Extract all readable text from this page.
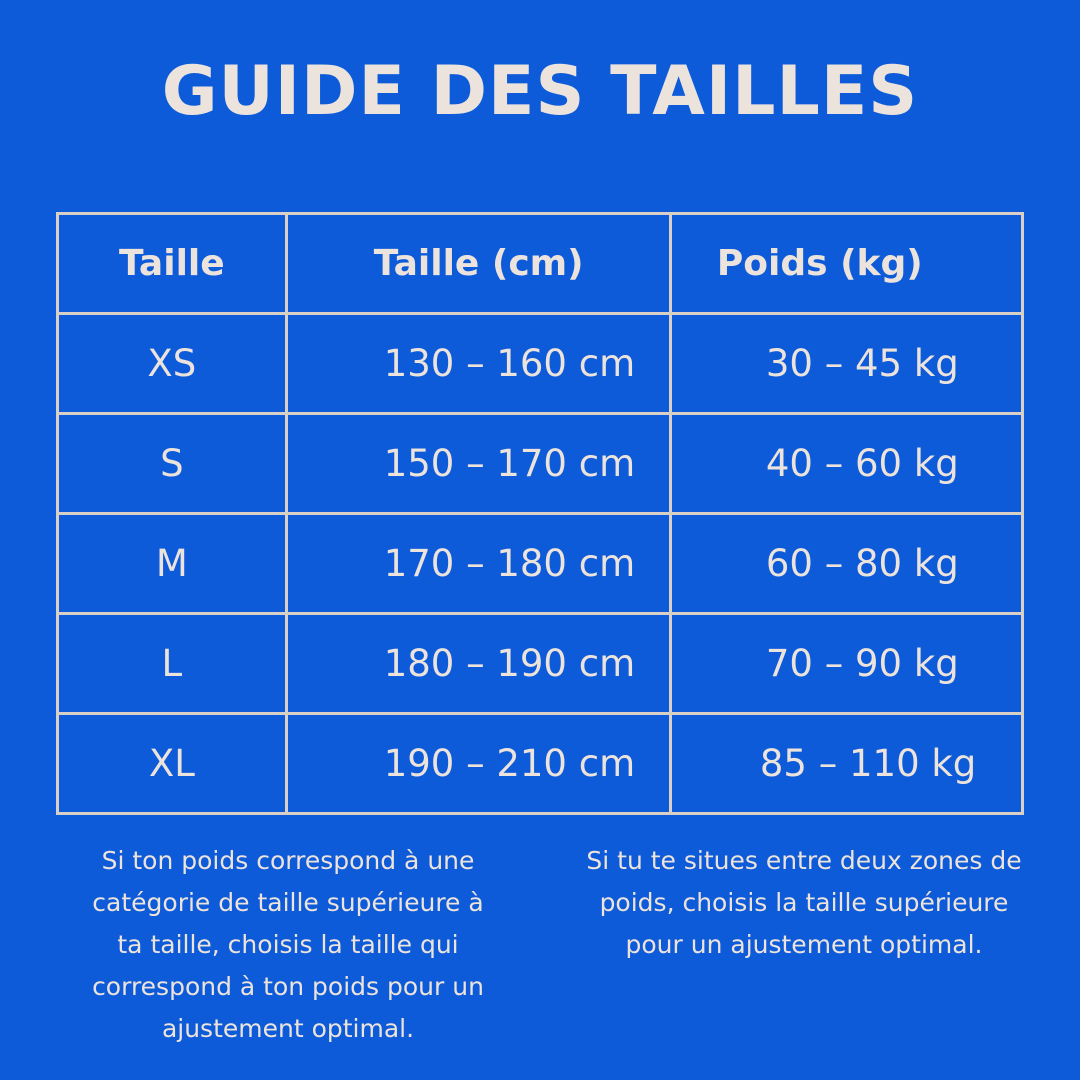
GUIDE DES TAILLES
Taille	Taille (cm)	Poids (kg)
XS	130 – 160 cm	30 – 45 kg
S	150 – 170 cm	40 – 60 kg
M	170 – 180 cm	60 – 80 kg
L	180 – 190 cm	70 – 90 kg
XL	190 – 210 cm	85 – 110 kg
Si ton poids correspond à une
catégorie de taille supérieure à
ta taille, choisis la taille qui
correspond à ton poids pour un
ajustement optimal.
Si tu te situes entre deux zones de
poids, choisis la taille supérieure
pour un ajustement optimal.
